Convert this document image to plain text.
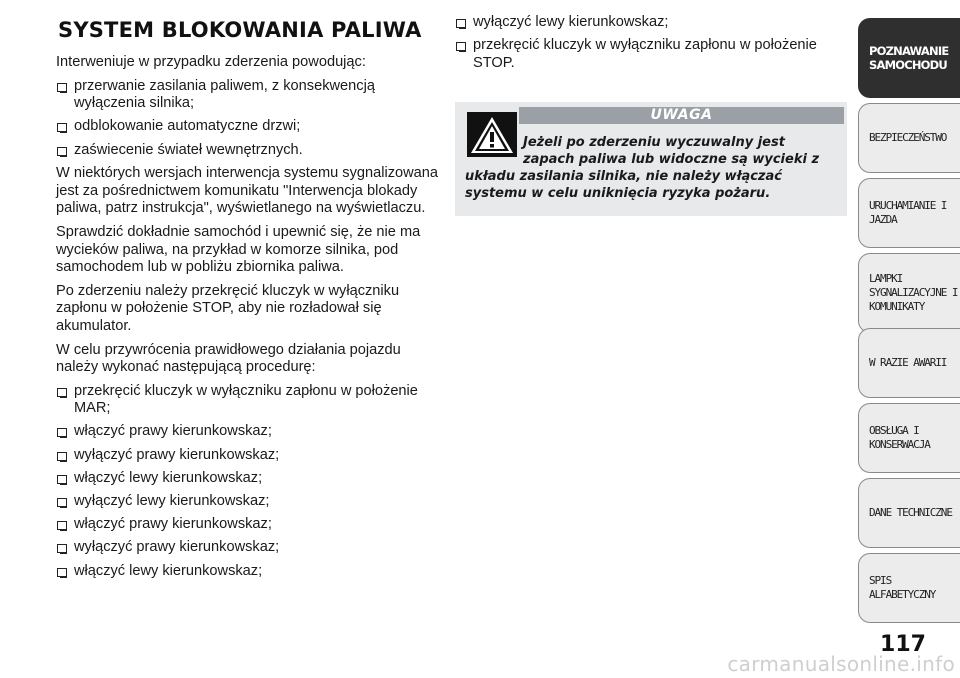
SYSTEM BLOKOWANIA PALIWA

Interweniuje w przypadku zderzenia powodując:

przerwanie zasilania paliwem, z konsekwencją wyłączenia silnika;
odblokowanie automatyczne drzwi;
zaświecenie świateł wewnętrznych.

W niektórych wersjach interwencja systemu sygnalizowana jest za pośrednictwem komunikatu "Interwencja blokady paliwa, patrz instrukcja", wyświetlanego na wyświetlaczu.

Sprawdzić dokładnie samochód i upewnić się, że nie ma wycieków paliwa, na przykład w komorze silnika, pod samochodem lub w pobliżu zbiornika paliwa.

Po zderzeniu należy przekręcić kluczyk w wyłączniku zapłonu w położenie STOP, aby nie rozładował się akumulator.

W celu przywrócenia prawidłowego działania pojazdu należy wykonać następującą procedurę:

przekręcić kluczyk w wyłączniku zapłonu w położenie MAR;
włączyć prawy kierunkowskaz;
wyłączyć prawy kierunkowskaz;
włączyć lewy kierunkowskaz;
wyłączyć lewy kierunkowskaz;
włączyć prawy kierunkowskaz;
wyłączyć prawy kierunkowskaz;
włączyć lewy kierunkowskaz;
wyłączyć lewy kierunkowskaz;
przekręcić kluczyk w wyłączniku zapłonu w położenie STOP.
UWAGA
Jeżeli po zderzeniu wyczuwalny jest zapach paliwa lub widoczne są wycieki z układu zasilania silnika, nie należy włączać systemu w celu uniknięcia ryzyka pożaru.
POZNAWANIE SAMOCHODU
BEZPIECZEŃSTWO
URUCHAMIANIE I JAZDA
LAMPKI SYGNALIZACYJNE I KOMUNIKATY
W RAZIE AWARII
OBSŁUGA I KONSERWACJA
DANE TECHNICZNE
SPIS ALFABETYCZNY
117
carmanualsonline.info
